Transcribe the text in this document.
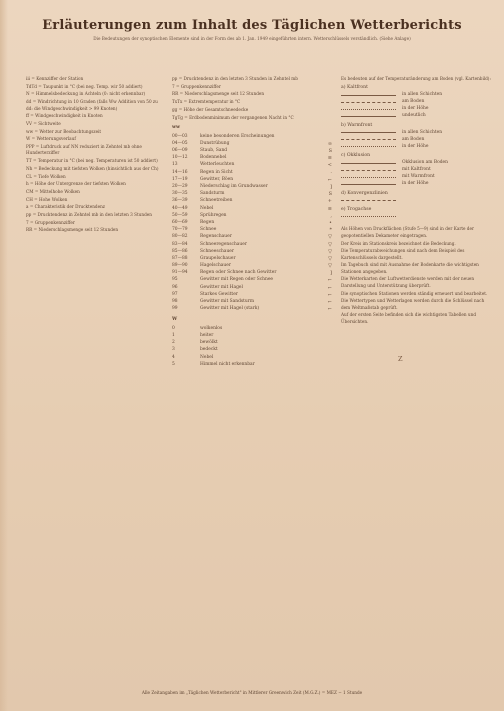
Erläuterungen zum Inhalt des Täglichen Wetterberichts
Die Bedeutungen der synoptischen Elemente sind in der Form des ab 1. Jan. 1949 eingeführten intern. Wetterschlüssels verständlich. (Siehe Anlage)

iii = Kennziffer der Station

TdTd = Taupunkt in °C (bei neg. Temp. wir 50 addiert)

N = Himmelsbedeckung in Achteln (0: nicht erkennbar)

dd = Windrichtung in 10 Graden (falls Ww Addition von 50 zu dd: die Windgeschwindigkeit > 99 Knoten)

ff = Windgeschwindigkeit in Knoten

VV = Sichtweite

ww = Wetter zur Beobachtungszeit

W = Wetterungsverlauf

PPP = Luftdruck auf NN reduziert in Zehntel mb ohne Hunderterziffer

TT = Temperatur in °C (bei neg. Temperaturen ist 50 addiert)

Nh = Bedeckung mit tiefsten Wolken (hinsichtlich aus der Ch)

CL = Tiefe Wolken

h = Höhe der Untergrenze der tiefsten Wolken

CM = Mittelhohe Wolken

CH = Hohe Wolken

a = Charakteristik der Drucktendenz

pp = Drucktendenz in Zehntel mb in den letzten 3 Stunden

7 = Gruppenkennziffer

RR = Niederschlagsmenge seit 12 Stunden

pp = Drucktendenz in den letzten 3 Stunden in Zehntel mb

7 = Gruppenkennziffer

RR = Niederschlagsmenge seit 12 Stunden

TxTx = Extremtemperatur in °C

gg = Höhe der Gesamtschneedecke

TgTg = Erdbodenminimum der vergangenen Nacht in °C

ww
00—03	keine besonderen Erscheinungen
04—05	Dunstrübung	∞
06—09	Staub, Sand	S
10—12	Bodennebel	≡
13	Wetterleuchten	<
14—16	Regen in Sicht	·
17—19	Gewitter, Böen	⌐
20—29	Niederschlag im Grundwasser	]
30—35	Sandsturm	S
36—39	Schneetreiben	+
40—49	Nebel	≡
50—59	Sprühregen	,
60—69	Regen	•
70—79	Schnee	*
80—82	Regenschauer	▽
83—84	Schneeregenschauer	▽
85—86	Schneeschauer	▽
87—88	Graupelschauer	▽
89—90	Hagelschauer	▽
91—94	Regen oder Schnee nach Gewitter	]
95	Gewitter mit Regen oder Schnee	⌐
96	Gewitter mit Hagel	⌐
97	Starkes Gewitter	⌐
98	Gewitter mit Sandsturm	⌐
99	Gewitter mit Hagel (stark)	⌐
W
0	wolkenlos
1	heiter
2	bewölkt
3	bedeckt
4	Nebel
5	Himmel nicht erkennbar

Es bedeuten auf der Temperaturänderung am Boden (vgl. Kartenbild):

a) Kaltfront
in allen Schichten
am Boden
in der Höhe
undeutlich
b) Warmfront
in allen Schichten
am Boden
in der Höhe
c) Okklusion
Okklusion am Boden
mit Kaltfront
mit Warmfront
in der Höhe
d) Konvergenzlinien
e) Trogachse

Als Höhen von Druckflächen (Stufe 5—9) sind in der Karte der geopotentiellen Dekameter eingetragen.

Der Kreis im Stationskreis bezeichnet die Bedeckung.

Die Temperaturabweichungen sind nach dem Beispiel des Kartenschlüssels dargestellt.

Im Tagebuch sind mit Ausnahme der Bodenkarte die wichtigsten Stationen angegeben.

Die Wetterkarten der Luftwetterdienste werden mit der neuen Darstellung und Unterstützung überprüft.

Die synoptischen Stationen werden ständig erneuert und bearbeitet.

Die Wettertypen und Wetterlagen werden durch die Schlüssel nach dem Weltmaßstab geprüft.

Auf der ersten Seite befinden sich die wichtigsten Tabellen und Übersichten.

Z
Alle Zeitangaben im „Täglichen Wetterbericht" in Mittlerer Greenwich Zeit (M.G.Z.) = MEZ − 1 Stunde
